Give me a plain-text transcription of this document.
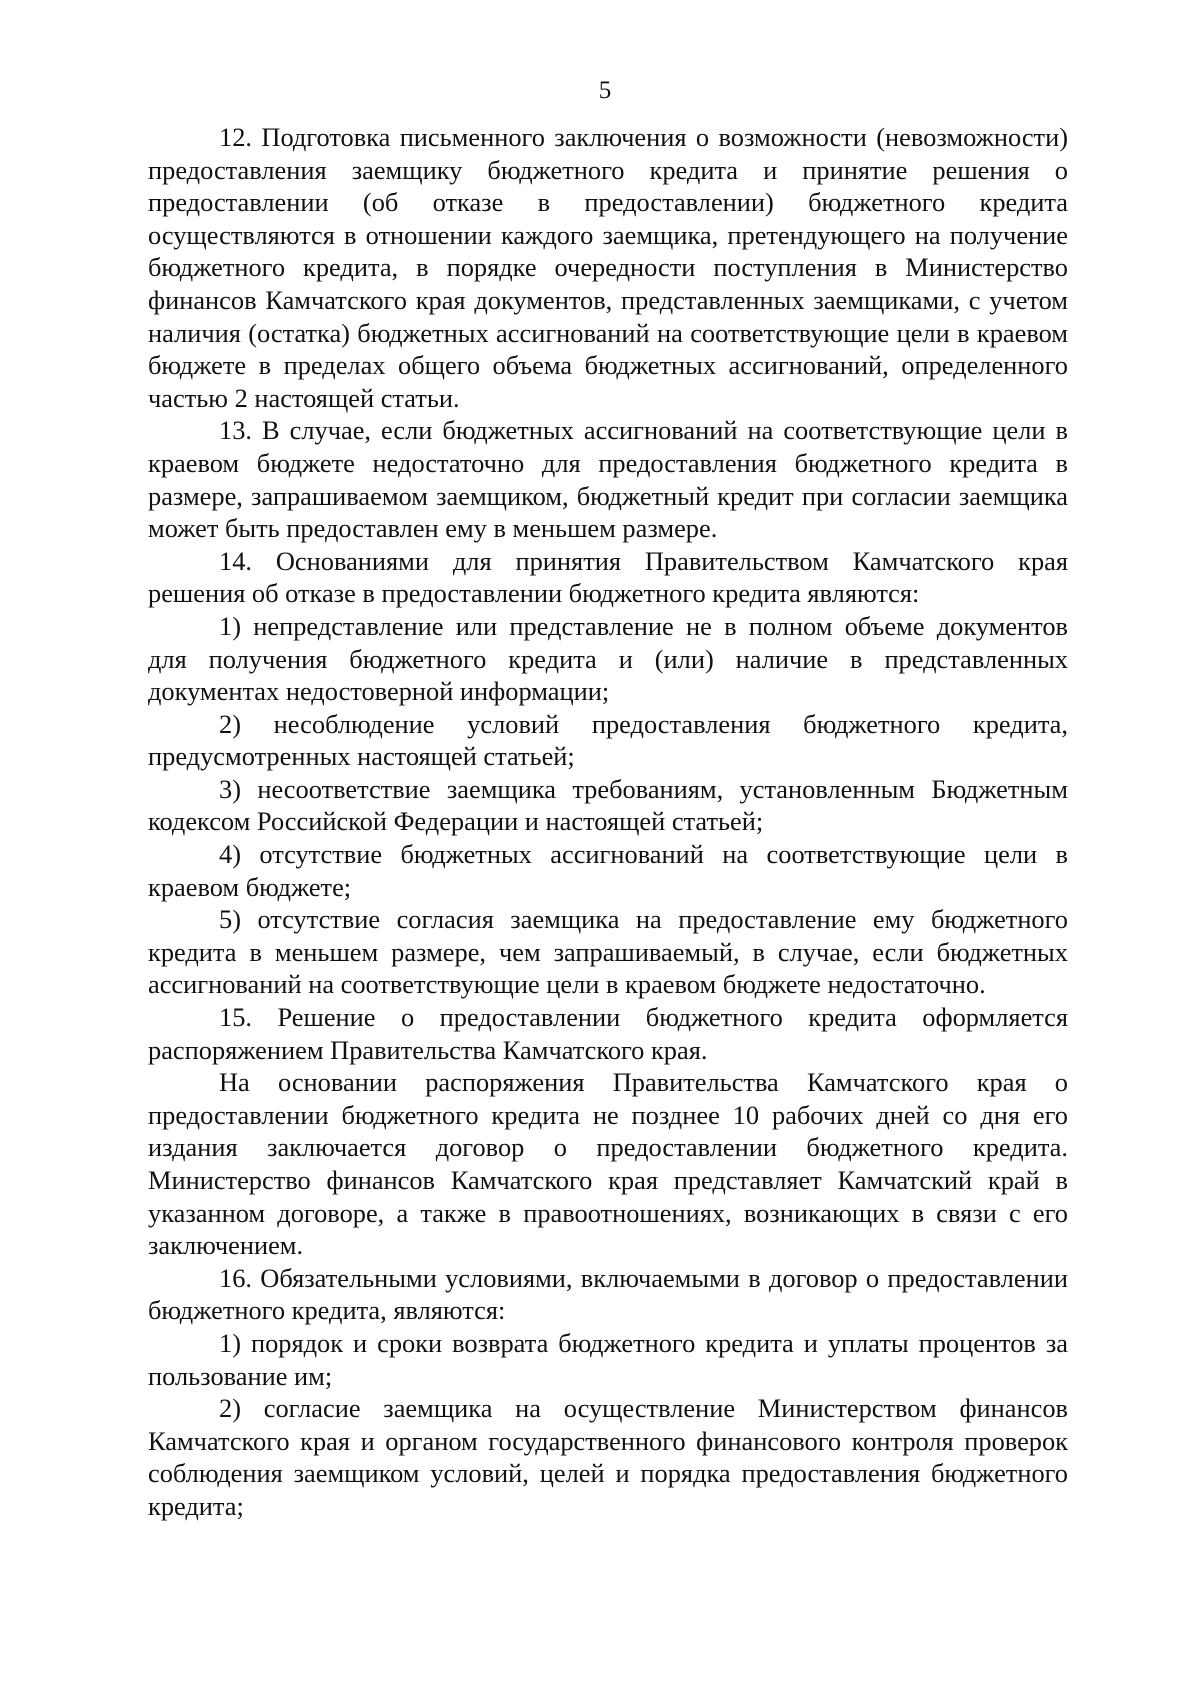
5

12. Подготовка письменного заключения о возможности (невозможности) предоставления заемщику бюджетного кредита и принятие решения о предоставлении (об отказе в предоставлении) бюджетного кредита осуществляются в отношении каждого заемщика, претендующего на получение бюджетного кредита, в порядке очередности поступления в Министерство финансов Камчатского края документов, представленных заемщиками, с учетом наличия (остатка) бюджетных ассигнований на соответствующие цели в краевом бюджете в пределах общего объема бюджетных ассигнований, определенного частью 2 настоящей статьи.

13. В случае, если бюджетных ассигнований на соответствующие цели в краевом бюджете недостаточно для предоставления бюджетного кредита в размере, запрашиваемом заемщиком, бюджетный кредит при согласии заемщика может быть предоставлен ему в меньшем размере.

14. Основаниями для принятия Правительством Камчатского края решения об отказе в предоставлении бюджетного кредита являются:

1) непредставление или представление не в полном объеме документов для получения бюджетного кредита и (или) наличие в представленных документах недостоверной информации;

2) несоблюдение условий предоставления бюджетного кредита, предусмотренных настоящей статьей;

3) несоответствие заемщика требованиям, установленным Бюджетным кодексом Российской Федерации и настоящей статьей;

4) отсутствие бюджетных ассигнований на соответствующие цели в краевом бюджете;

5) отсутствие согласия заемщика на предоставление ему бюджетного кредита в меньшем размере, чем запрашиваемый, в случае, если бюджетных ассигнований на соответствующие цели в краевом бюджете недостаточно.

15. Решение о предоставлении бюджетного кредита оформляется распоряжением Правительства Камчатского края.

На основании распоряжения Правительства Камчатского края о предоставлении бюджетного кредита не позднее 10 рабочих дней со дня его издания заключается договор о предоставлении бюджетного кредита. Министерство финансов Камчатского края представляет Камчатский край в указанном договоре, а также в правоотношениях, возникающих в связи с его заключением.

16. Обязательными условиями, включаемыми в договор о предоставлении бюджетного кредита, являются:

1) порядок и сроки возврата бюджетного кредита и уплаты процентов за пользование им;

2) согласие заемщика на осуществление Министерством финансов Камчатского края и органом государственного финансового контроля проверок соблюдения заемщиком условий, целей и порядка предоставления бюджетного кредита;
